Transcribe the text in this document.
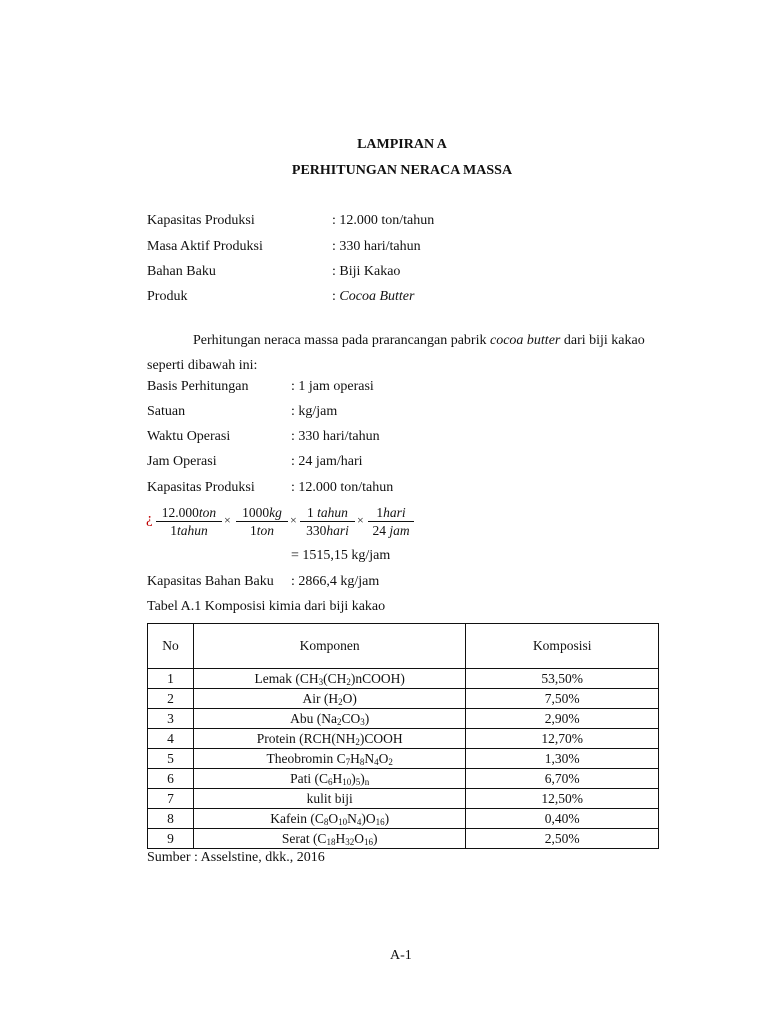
LAMPIRAN A
PERHITUNGAN NERACA MASSA
Kapasitas Produksi	: 12.000 ton/tahun
Masa Aktif Produksi	: 330 hari/tahun
Bahan Baku	: Biji Kakao
Produk	: Cocoa Butter
Perhitungan neraca massa pada prarancangan pabrik cocoa butter dari biji kakao seperti dibawah ini:
Basis Perhitungan	: 1 jam operasi
Satuan	: kg/jam
Waktu Operasi	: 330 hari/tahun
Jam Operasi	: 24 jam/hari
Kapasitas Produksi	: 12.000 ton/tahun
¿ 12.000ton
1tahun
× 1000kg
1ton
× 1 tahun
330hari
× 1hari
24 jam
= 1515,15 kg/jam
Kapasitas Bahan Baku : 2866,4 kg/jam
Tabel A.1 Komposisi kimia dari biji kakao
No	Komponen	Komposisi
1	Lemak $(CH_3(CH_2)nCOOH)$	53,50%
2	Air $(H_2O)$	7,50%
3	Abu $(Na_2CO_3)$	2,90%
4	Protein ($RCH(NH_2)COOH$	12,70%
5	Theobromin $C_7H_8N_4O_2$	1,30%
6	Pati $(C_6H_{10})_5)_n$	6,70%
7	kulit biji	12,50%
8	Kafein $(C_8O_{10}N_4)O_{16}$)	0,40%
9	Serat $(C_{18}H_{32}O_{16})$	2,50%
Sumber : Asselstine, dkk., 2016
A-1
